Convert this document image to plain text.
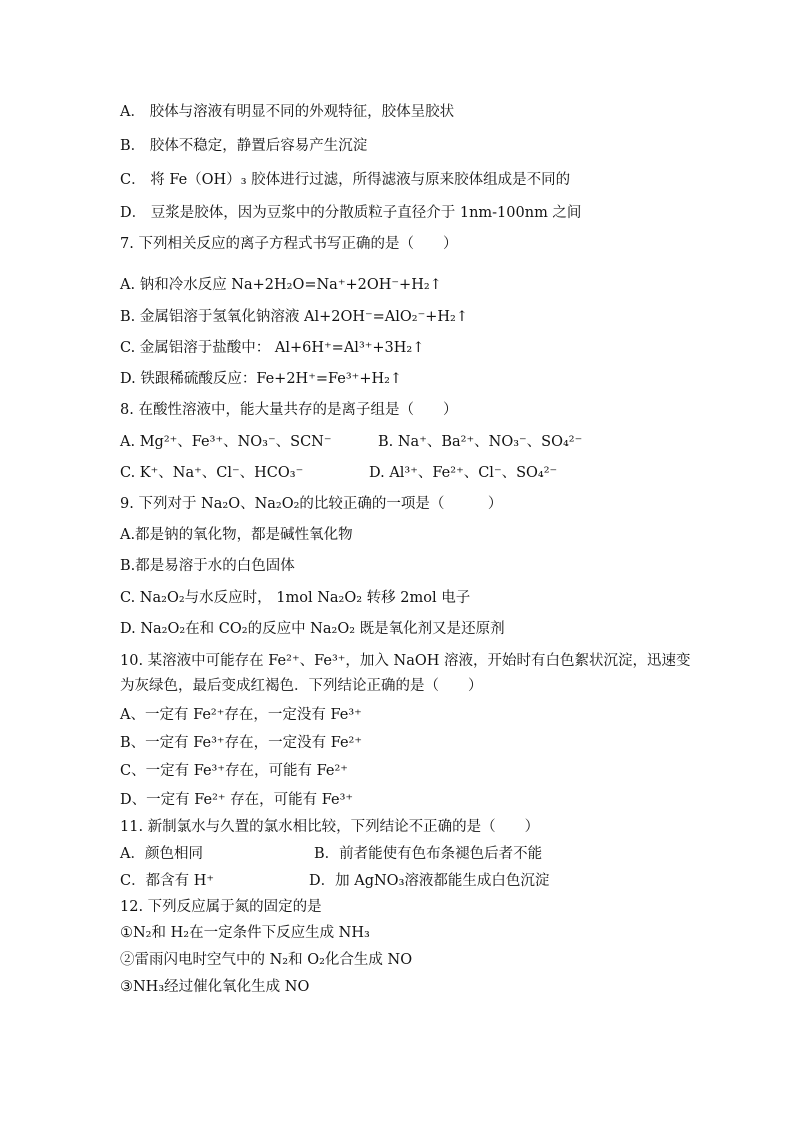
A． 胶体与溶液有明显不同的外观特征，胶体呈胶状
B． 胶体不稳定，静置后容易产生沉淀
C． 将 Fe（OH）₃ 胶体进行过滤，所得滤液与原来胶体组成是不同的
D． 豆浆是胶体，因为豆浆中的分散质粒子直径介于 1nm-100nm 之间
7. 下列相关反应的离子方程式书写正确的是（　　）
A. 钠和冷水反应 Na+2H₂O=Na⁺+2OH⁻+H₂↑
B. 金属铝溶于氢氧化钠溶液 Al+2OH⁻=AlO₂⁻+H₂↑
C. 金属铝溶于盐酸中： Al+6H⁺=Al³⁺+3H₂↑
D. 铁跟稀硫酸反应：Fe+2H⁺=Fe³⁺+H₂↑
8. 在酸性溶液中，能大量共存的是离子组是（　　）
A. Mg²⁺、Fe³⁺、NO₃⁻、SCN⁻	B. Na⁺、Ba²⁺、NO₃⁻、SO₄²⁻
C. K⁺、Na⁺、Cl⁻、HCO₃⁻	D. Al³⁺、Fe²⁺、Cl⁻、SO₄²⁻
9. 下列对于 Na₂O、Na₂O₂的比较正确的一项是（　　　）
A.都是钠的氧化物，都是碱性氧化物
B.都是易溶于水的白色固体
C. Na₂O₂与水反应时， 1mol Na₂O₂ 转移 2mol 电子
D. Na₂O₂在和 CO₂的反应中 Na₂O₂ 既是氧化剂又是还原剂
10. 某溶液中可能存在 Fe²⁺、Fe³⁺，加入 NaOH 溶液，开始时有白色絮状沉淀，迅速变
为灰绿色，最后变成红褐色．下列结论正确的是（　　）
A、一定有 Fe²⁺存在，一定没有 Fe³⁺
B、一定有 Fe³⁺存在，一定没有 Fe²⁺
C、一定有 Fe³⁺存在，可能有 Fe²⁺
D、一定有 Fe²⁺ 存在，可能有 Fe³⁺
11. 新制氯水与久置的氯水相比较，下列结论不正确的是（　　）
A．颜色相同	B．前者能使有色布条褪色后者不能
C．都含有 H⁺	D．加 AgNO₃溶液都能生成白色沉淀
12. 下列反应属于氮的固定的是
①N₂和 H₂在一定条件下反应生成 NH₃
②雷雨闪电时空气中的 N₂和 O₂化合生成 NO
③NH₃经过催化氧化生成 NO
